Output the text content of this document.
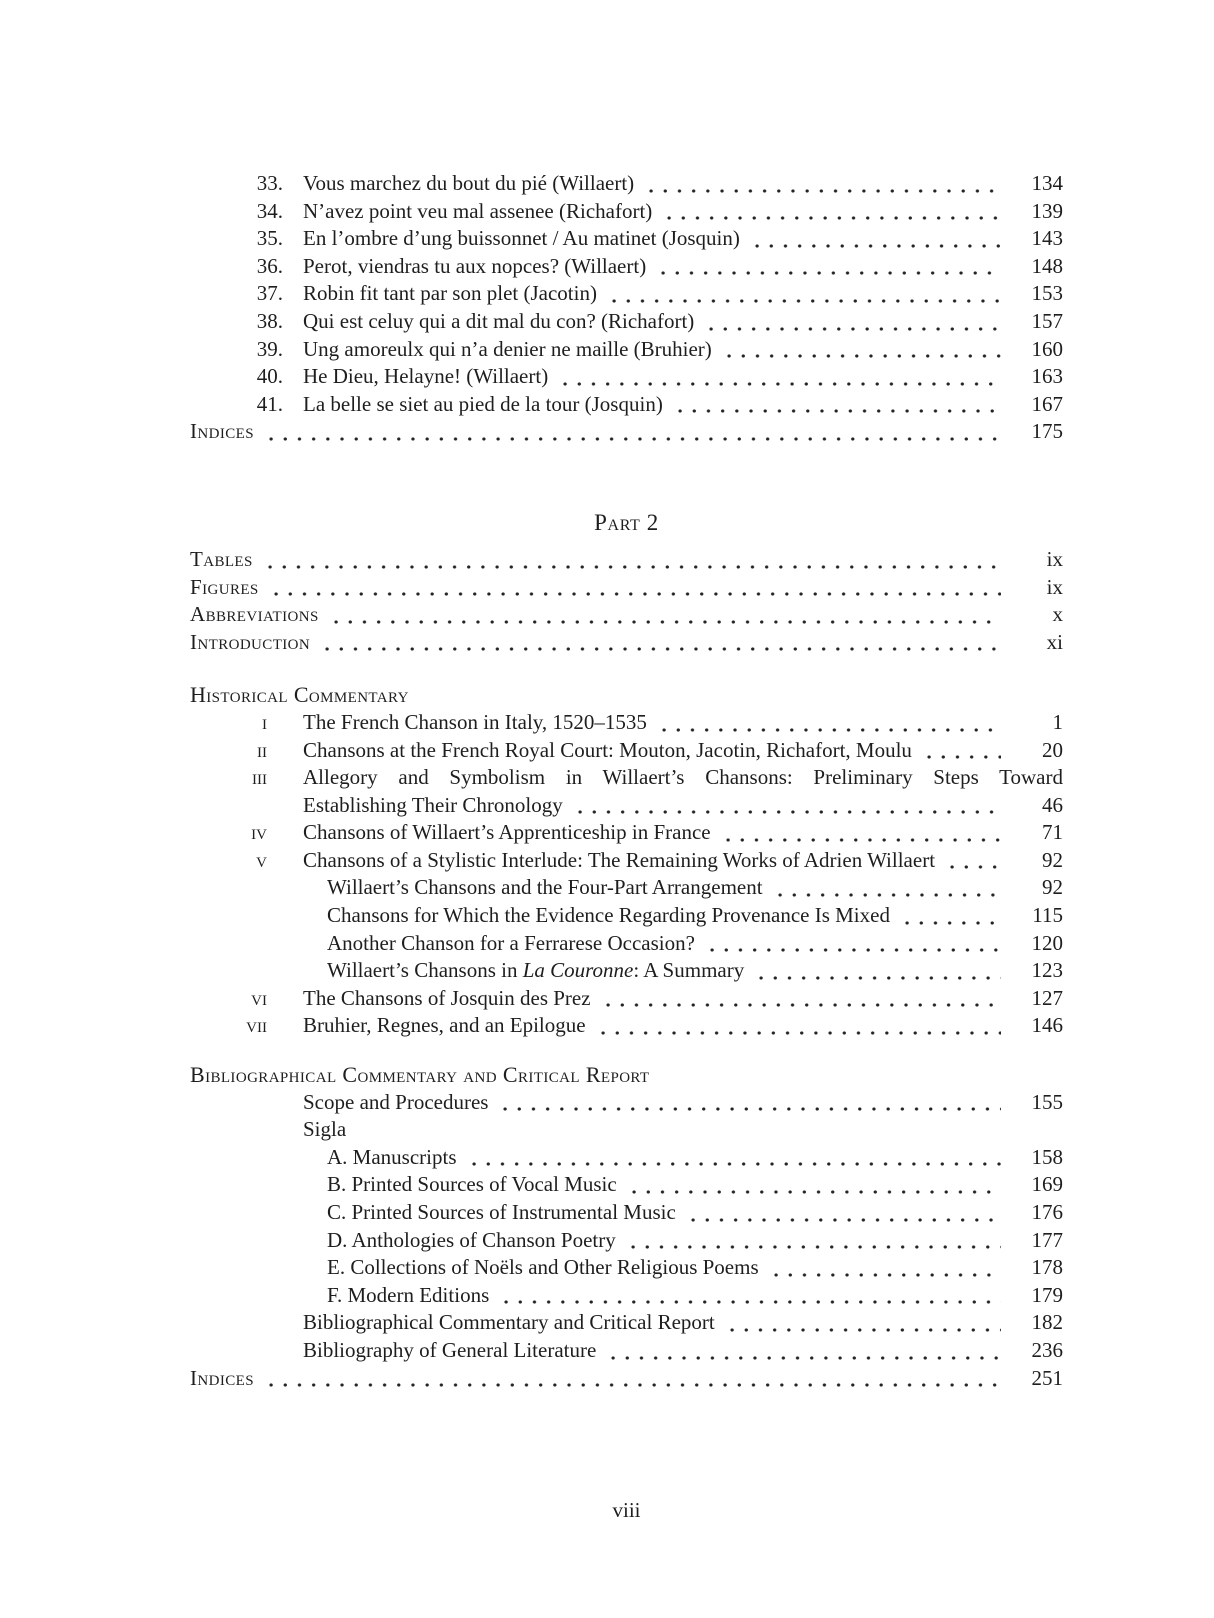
33. Vous marchez du bout du pié (Willaert)	134
34. N’avez point veu mal assenee (Richafort)	139
35. En l’ombre d’ung buissonnet / Au matinet (Josquin)	143
36. Perot, viendras tu aux nopces? (Willaert)	148
37. Robin fit tant par son plet (Jacotin)	153
38. Qui est celuy qui a dit mal du con? (Richafort)	157
39. Ung amoreulx qui n’a denier ne maille (Bruhier)	160
40. He Dieu, Helayne! (Willaert)	163
41. La belle se siet au pied de la tour (Josquin)	167
Indices	175
Part 2
Tables	ix
Figures	ix
Abbreviations	x
Introduction	xi
Historical Commentary
i The French Chanson in Italy, 1520–1535	1
ii Chansons at the French Royal Court: Mouton, Jacotin, Richafort, Moulu	20
iii Allegory and Symbolism in Willaert’s Chansons: Preliminary Steps Toward
Establishing Their Chronology	46
iv Chansons of Willaert’s Apprenticeship in France	71
v Chansons of a Stylistic Interlude: The Remaining Works of Adrien Willaert	92
Willaert’s Chansons and the Four-Part Arrangement	92
Chansons for Which the Evidence Regarding Provenance Is Mixed	115
Another Chanson for a Ferrarese Occasion?	120
Willaert’s Chansons in La Couronne: A Summary	123
vi The Chansons of Josquin des Prez	127
vii Bruhier, Regnes, and an Epilogue	146
Bibliographical Commentary and Critical Report
Scope and Procedures	155
Sigla
A. Manuscripts	158
B. Printed Sources of Vocal Music	169
C. Printed Sources of Instrumental Music	176
D. Anthologies of Chanson Poetry	177
E. Collections of Noëls and Other Religious Poems	178
F. Modern Editions	179
Bibliographical Commentary and Critical Report	182
Bibliography of General Literature	236
Indices	251
viii
